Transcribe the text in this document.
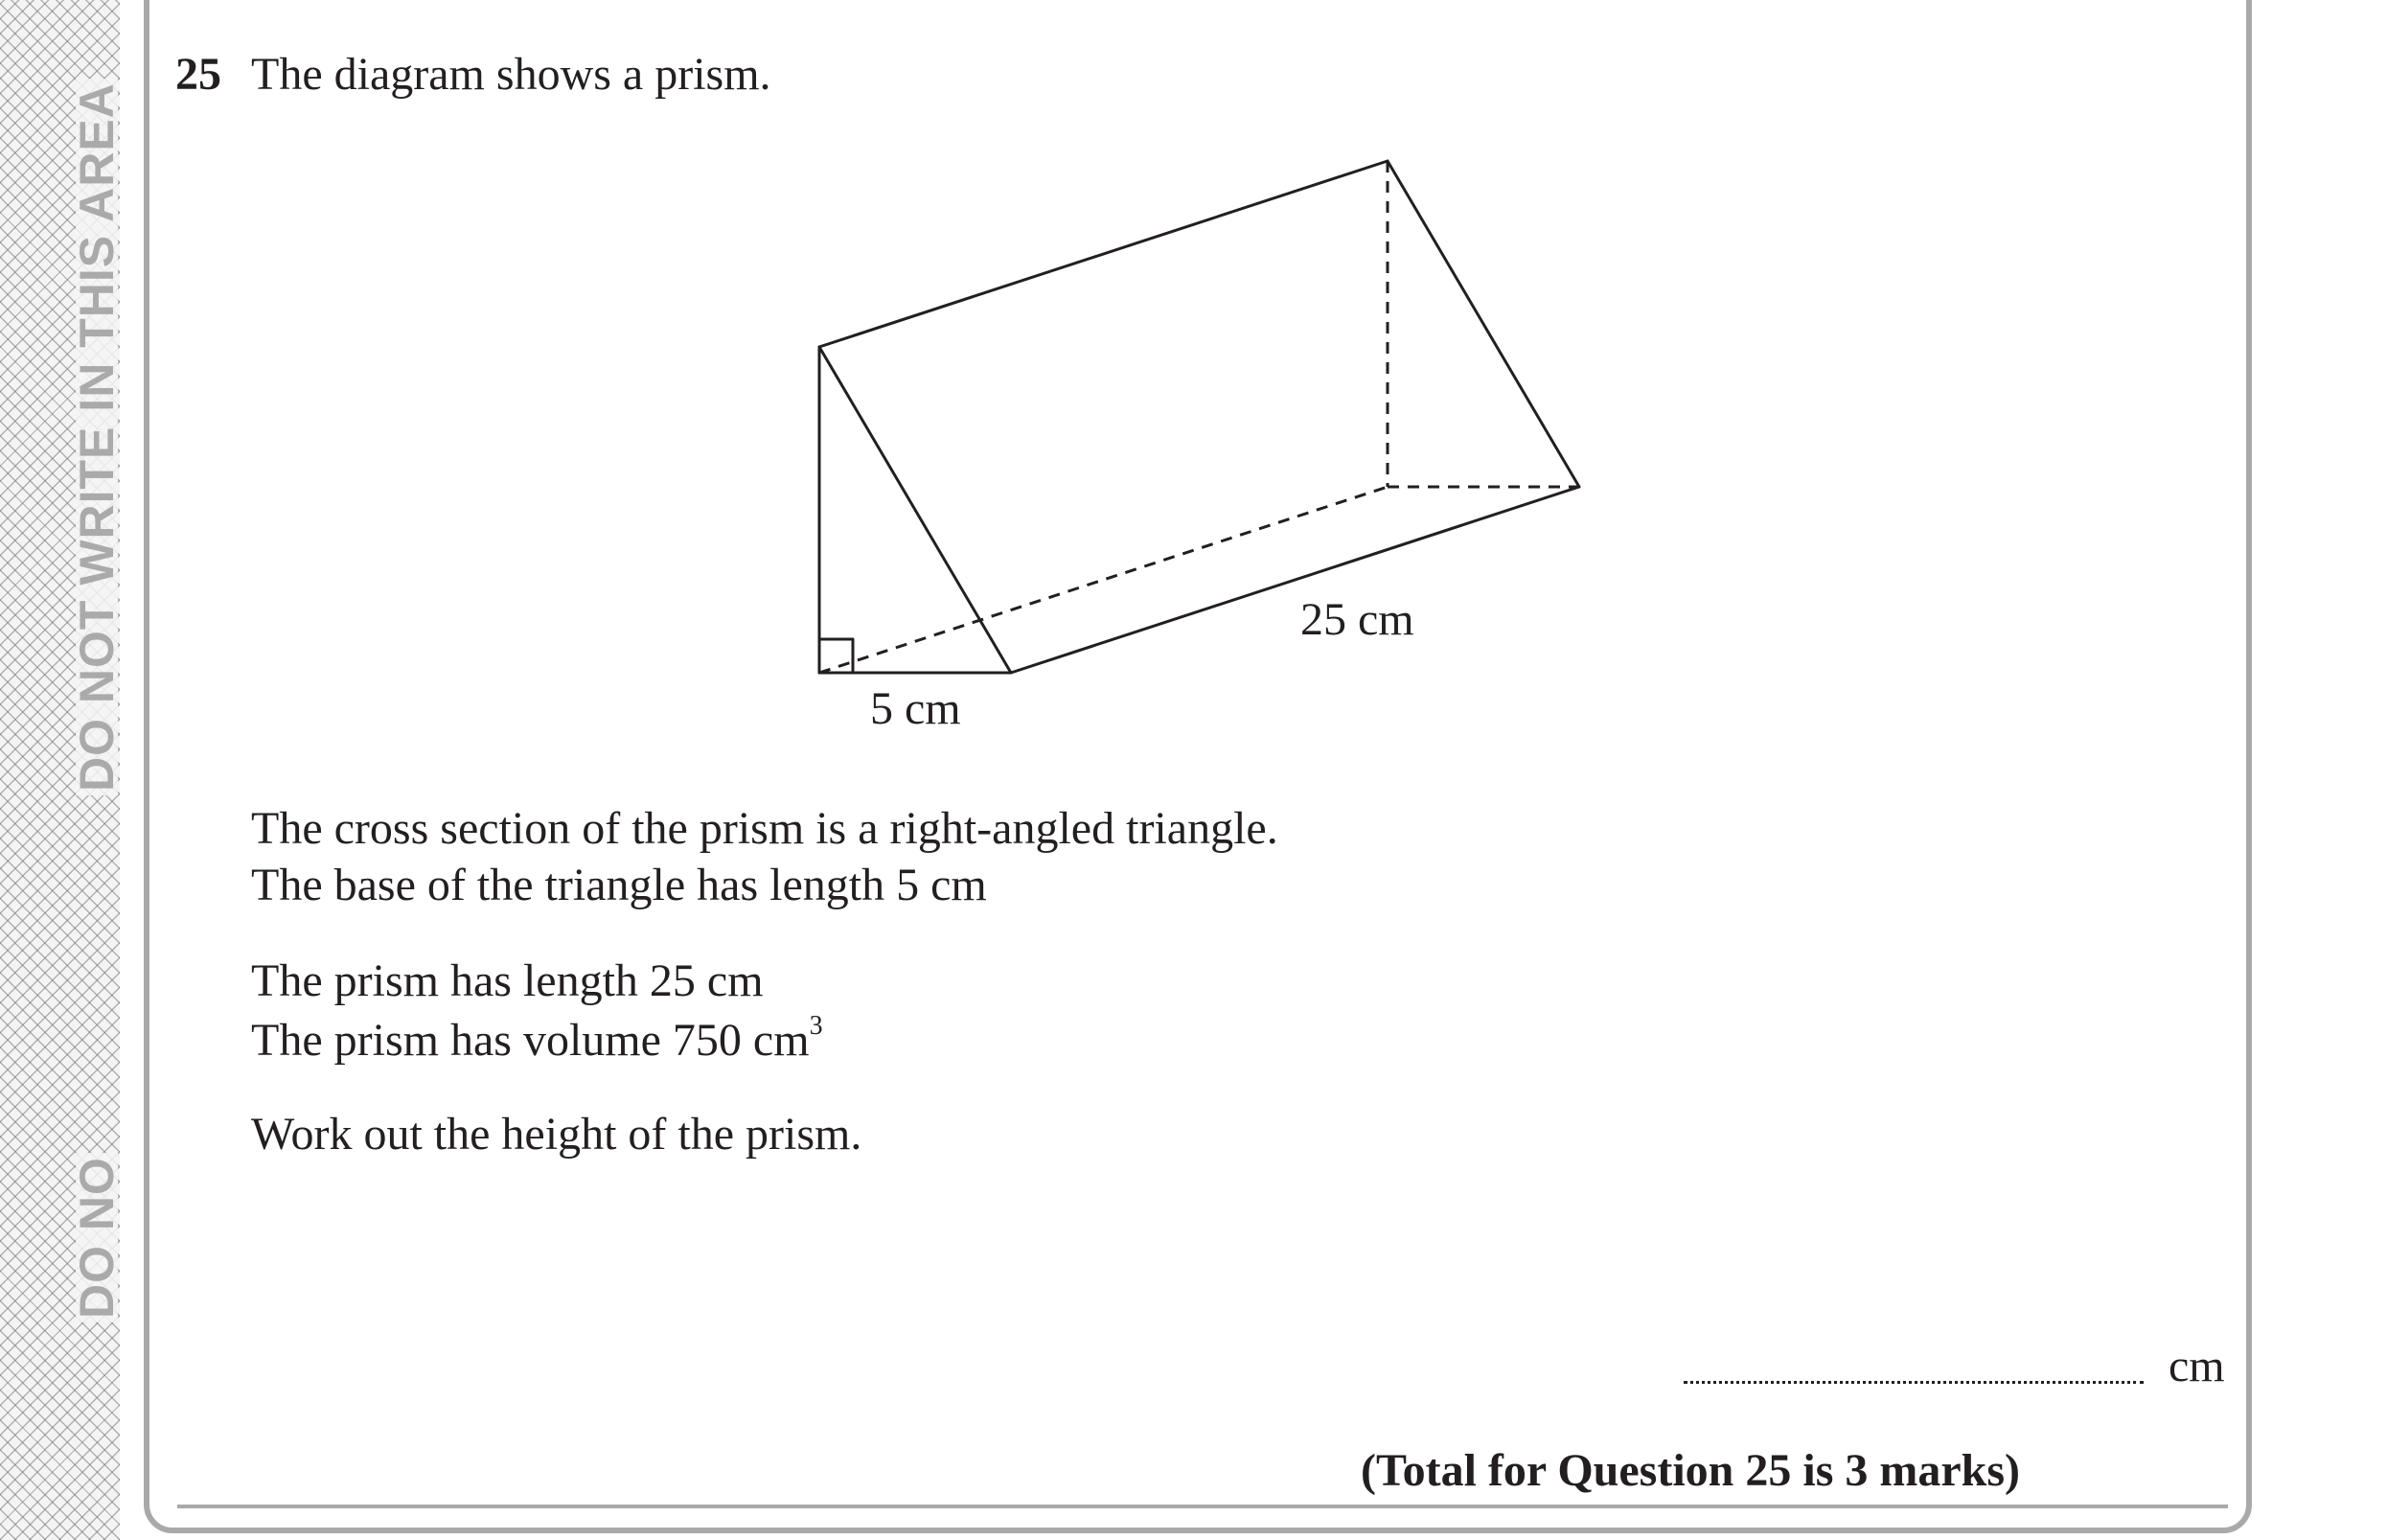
DO NOT WRITE IN THIS AREA
DO NO
25 The diagram shows a prism.
25 cm
5 cm
The cross section of the prism is a right-angled triangle.
The base of the triangle has length 5 cm
The prism has length 25 cm
The prism has volume 750 $cm^3$
Work out the height of the prism.
cm
(Total for Question 25 is 3 marks)
